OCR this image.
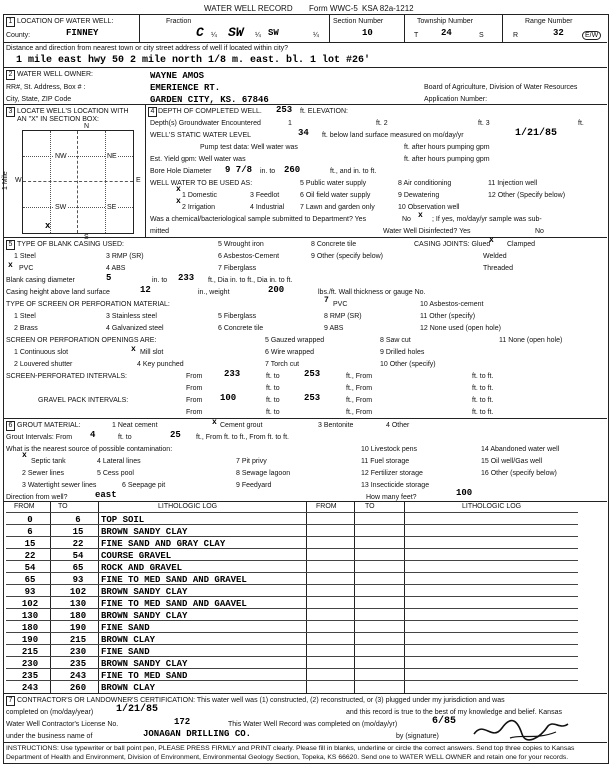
WATER WELL RECORD Form WWC-5 KSA 82a-1212
1 LOCATION OF WATER WELL:
County:	FINNEY
Fraction
C ¼ SW ¼ SW	¼
Section Number
10
Township Number
T	24	S
Range Number
R	32	E/W
Distance and direction from nearest town or city street address of well if located within city?
1 mile east hwy 50 2 mile north 1/8 m. east. bl. 1 lot #26'
2 WATER WELL OWNER:
RR#, St. Address, Box # :
City, State, ZIP Code
WAYNE AMOS
EMERIENCE RT.
GARDEN CITY, KS. 67846
Board of Agriculture, Division of Water Resources
Application Number:
3 LOCATE WELL'S LOCATION WITH
AN "X" IN SECTION BOX:
NW	NE
SW	SE
x
N
S
W	E
1 Mile
4 DEPTH OF COMPLETED WELL. 253 ft. ELEVATION:
Depth(s) Groundwater Encountered	1	ft. 2	ft. 3	ft.
WELL'S STATIC WATER LEVEL	34 ft. below land surface measured on mo/day/yr	1/21/85
Pump test data: Well water was	ft. after hours pumping gpm
Est. Yield gpm: Well water was	ft. after hours pumping gpm
Bore Hole Diameter 9 7/8 in. to 260	ft., and in. to ft.
WELL WATER TO BE USED AS:
1 Domestic
x
3 Feedlot
5 Public water supply	8 Air conditioning	11 Injection well
2 Irrigation
x
4 Industrial
6 Oil field water supply	9 Dewatering	12 Other (Specify below)
7 Lawn and garden only	10 Observation well
Was a chemical/bacteriological sample submitted to Department? Yes	No x ; If yes, mo/day/yr sample was sub-
mitted	Water Well Disinfected? Yes	No
5 TYPE OF BLANK CASING USED:
1 Steel	3 RMP (SR)
x PVC	4 ABS
5 Wrought iron
6 Asbestos-Cement
7 Fiberglass
8 Concrete tile
9 Other (specify below)
CASING JOINTS: Glued
x Clamped
Welded
Threaded
Blank casing diameter	5	in. to 233 ft., Dia in. to ft., Dia in. to ft.
Casing height above land surface	12	in., weight	200	lbs./ft. Wall thickness or gauge No.
TYPE OF SCREEN OR PERFORATION MATERIAL:
1 Steel	3 Stainless steel	5 Fiberglass
7 PVC	10 Asbestos-cement
2 Brass	4 Galvanized steel	6 Concrete tile
8 RMP (SR)
9 ABS
11 Other (specify)
12 None used (open hole)
SCREEN OR PERFORATION OPENINGS ARE:	5 Gauzed wrapped	8 Saw cut	11 None (open hole)
1 Continuous slot	x Mill slot	6 Wire wrapped	9 Drilled holes
2 Louvered shutter	4 Key punched	7 Torch cut	10 Other (specify)
SCREEN-PERFORATED INTERVALS:	From 233	ft. to	253	ft., From	ft. to ft.
From	ft. to	ft., From	ft. to ft.
GRAVEL PACK INTERVALS:	From 100	ft. to	253	ft., From	ft. to ft.
From	ft. to	ft., From	ft. to ft.
6 GROUT MATERIAL:	1 Neat cement	x Cement grout	3 Bentonite	4 Other
Grout Intervals: From 4	ft. to	25 ft., From ft. to ft., From ft. to ft.
What is the nearest source of possible contamination:
x
Septic tank	4 Lateral lines	7 Pit privy
10 Livestock pens	14 Abandoned water well
2 Sewer lines	5 Cess pool	8 Sewage lagoon
11 Fuel storage	15 Oil well/Gas well
3 Watertight sewer lines	6 Seepage pit	9 Feedyard
12 Fertilizer storage	16 Other (specify below)
13 Insecticide storage
Direction from well?	east	How many feet?	100
FROM	TO	LITHOLOGIC LOG	FROM	TO	LITHOLOGIC LOG
0	6	TOP SOIL
6	15	BROWN SANDY CLAY
15	22	FINE SAND AND GRAY CLAY
22	54	COURSE GRAVEL
54	65	ROCK AND GRAVEL
65	93	FINE TO MED SAND AND GRAVEL
93	102	BROWN SANDY CLAY
102	130	FINE TO MED SAND AND GAAVEL
130	180	BROWN SANDY CLAY
180	190	FINE SAND
190	215	BROWN CLAY
215	230	FINE SAND
230	235	BROWN SANDY CLAY
235	243	FINE TO MED SAND
243	260	BROWN CLAY
7 CONTRACTOR'S OR LANDOWNER'S CERTIFICATION: This water well was (1) constructed, (2) reconstructed, or (3) plugged under my jurisdiction and was
completed on (mo/day/year) 1/21/85	and this record is true to the best of my knowledge and belief. Kansas
Water Well Contractor's License No.	172	This Water Well Record was completed on (mo/day/yr)	6/85
under the business name of	JONAGAN DRILLING CO.	by (signature)
INSTRUCTIONS: Use typewriter or ball point pen, PLEASE PRESS FIRMLY and PRINT clearly. Please fill in blanks, underline or circle the correct answers. Send top three copies to Kansas Department of Health and Environment, Division of Environment, Environmental Geology Section, Topeka, KS 66620. Send one to WATER WELL OWNER and retain one for your records.
